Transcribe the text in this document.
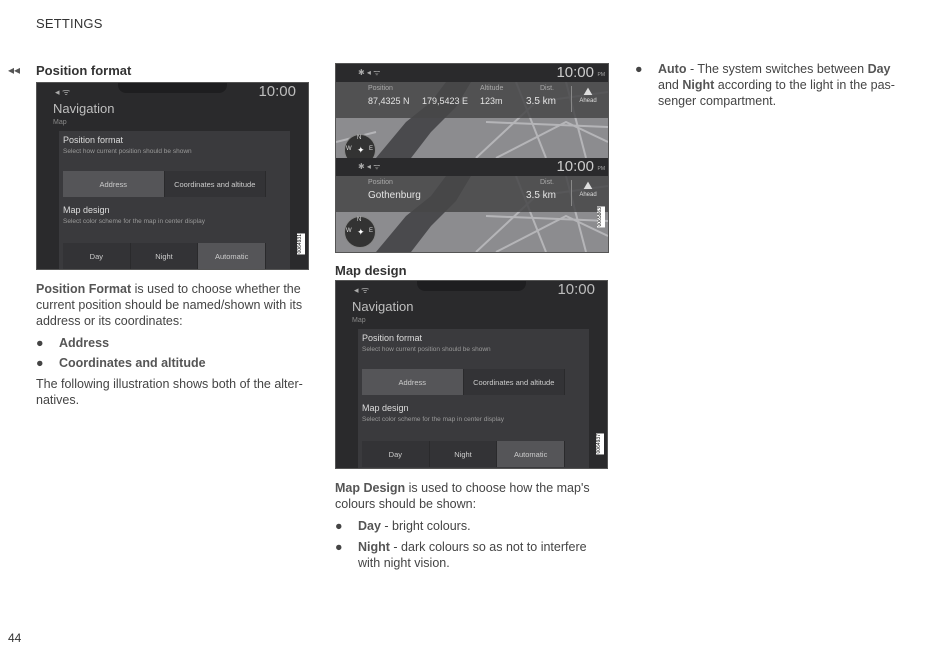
SETTINGS
◂◂ Position format
◂ ᯤ	10:00
Navigation
Map
Position format
Select how current position should be shown
Address	Coordinates and altitude
Map design
Select color scheme for the map in center display
Day	Night	Automatic
0064931
Position Format is used to choose whether the
current position should be named/shown with its
address or its coordinates:
● Address
● Coordinates and altitude
The following illustration shows both of the alter-
natives.
✱ ◂ ᯤ	10:00 PM
Position
87,4325 N 179,5423 E
Altitude
123m
Dist.
3.5 km
⛰
Ahead
N
W	E
✦
✱ ◂ ᯤ	10:00 PM
Position
Gothenburg
Dist.
3.5 km
⛰
Ahead
N
W	E
✦
0065863
Map design
◂ ᯤ	10:00
Navigation
Map
Position format
Select how current position should be shown
Address	Coordinates and altitude
Map design
Select color scheme for the map in center display
Day	Night	Automatic
0064937
Map Design is used to choose how the map's
colours should be shown:
● Day - bright colours.
● Night - dark colours so as not to interfere
with night vision.
● Auto - The system switches between Day
and Night according to the light in the pas-
senger compartment.
44
